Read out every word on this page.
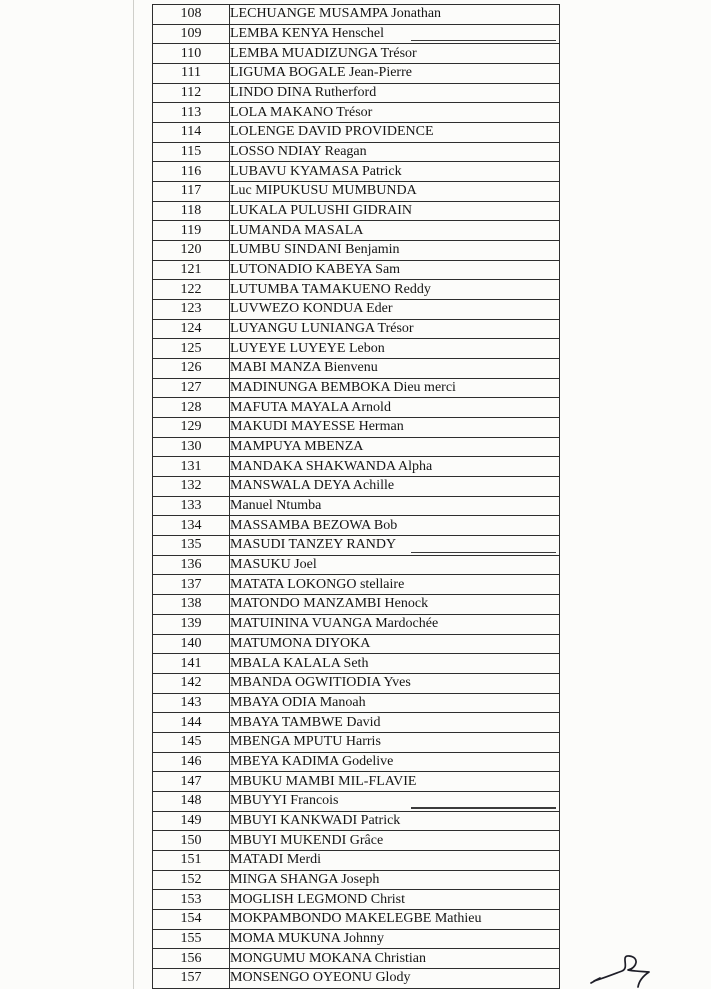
108	LECHUANGE MUSAMPA Jonathan
109	LEMBA KENYA Henschel
110	LEMBA MUADIZUNGA Trésor
111	LIGUMA BOGALE Jean-Pierre
112	LINDO DINA Rutherford
113	LOLA MAKANO Trésor
114	LOLENGE DAVID PROVIDENCE
115	LOSSO NDIAY Reagan
116	LUBAVU KYAMASA Patrick
117	Luc MIPUKUSU MUMBUNDA
118	LUKALA PULUSHI GIDRAIN
119	LUMANDA MASALA
120	LUMBU SINDANI Benjamin
121	LUTONADIO KABEYA Sam
122	LUTUMBA TAMAKUENO Reddy
123	LUVWEZO KONDUA Eder
124	LUYANGU LUNIANGA Trésor
125	LUYEYE LUYEYE Lebon
126	MABI MANZA Bienvenu
127	MADINUNGA BEMBOKA Dieu merci
128	MAFUTA MAYALA Arnold
129	MAKUDI MAYESSE Herman
130	MAMPUYA MBENZA
131	MANDAKA SHAKWANDA Alpha
132	MANSWALA DEYA Achille
133	Manuel Ntumba
134	MASSAMBA BEZOWA Bob
135	MASUDI TANZEY RANDY
136	MASUKU Joel
137	MATATA LOKONGO stellaire
138	MATONDO MANZAMBI Henock
139	MATUININA VUANGA Mardochée
140	MATUMONA DIYOKA
141	MBALA KALALA Seth
142	MBANDA OGWITIODIA Yves
143	MBAYA ODIA Manoah
144	MBAYA TAMBWE David
145	MBENGA MPUTU Harris
146	MBEYA KADIMA Godelive
147	MBUKU MAMBI MIL-FLAVIE
148	MBUYYI Francois
149	MBUYI KANKWADI Patrick
150	MBUYI MUKENDI Grâce
151	MATADI Merdi
152	MINGA SHANGA Joseph
153	MOGLISH LEGMOND Christ
154	MOKPAMBONDO MAKELEGBE Mathieu
155	MOMA MUKUNA Johnny
156	MONGUMU MOKANA Christian
157	MONSENGO OYEONU Glody
